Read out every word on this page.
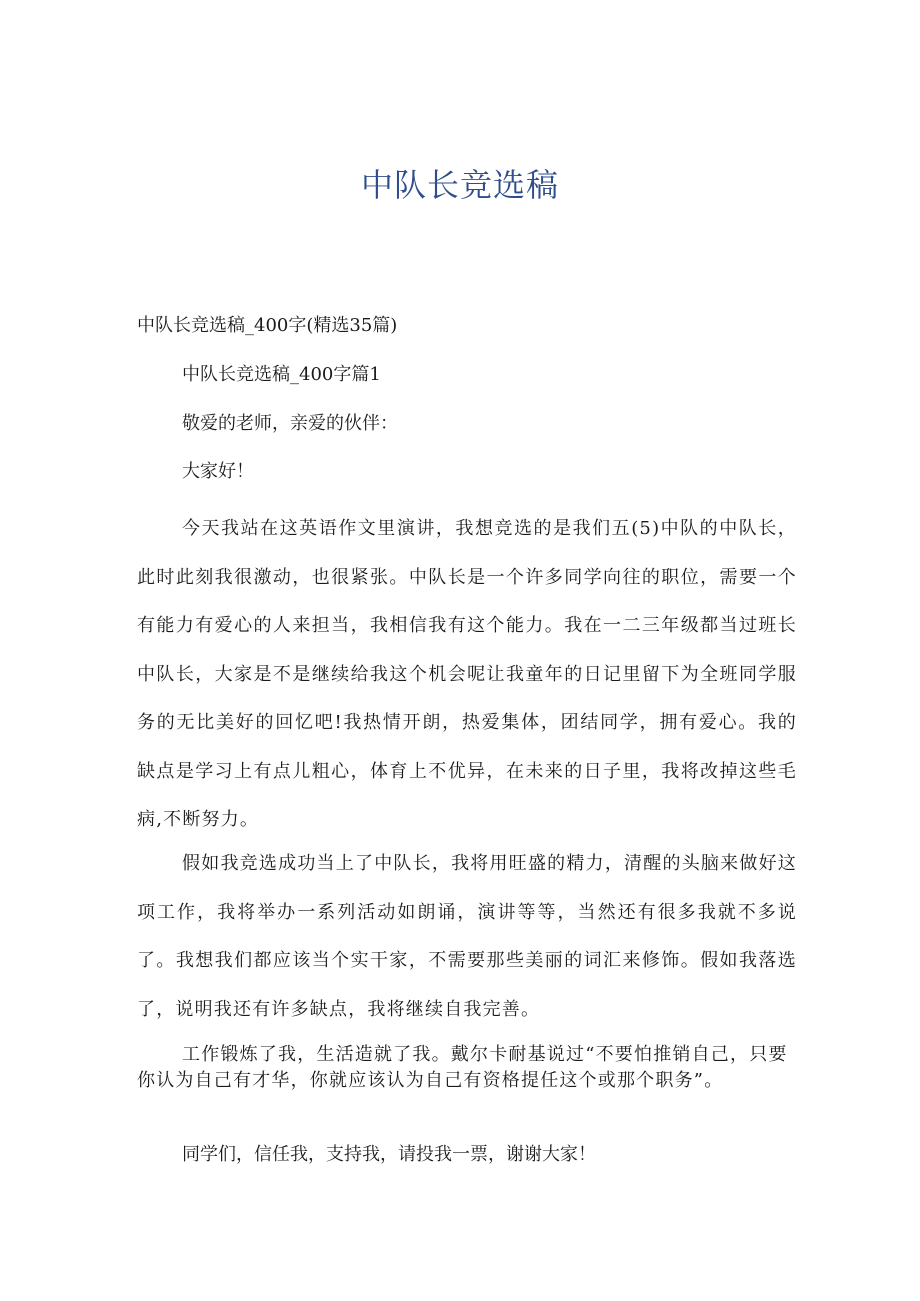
中队长竞选稿

中队长竞选稿_400字(精选35篇)

中队长竞选稿_400字篇1

敬爱的老师，亲爱的伙伴：

大家好！

今天我站在这英语作文里演讲，我想竞选的是我们五(5)中队的中队长，此时此刻我很激动，也很紧张。中队长是一个许多同学向往的职位，需要一个有能力有爱心的人来担当，我相信我有这个能力。我在一二三年级都当过班长中队长，大家是不是继续给我这个机会呢让我童年的日记里留下为全班同学服务的无比美好的回忆吧!我热情开朗，热爱集体，团结同学，拥有爱心。我的缺点是学习上有点儿粗心，体育上不优异，在未来的日子里，我将改掉这些毛病,不断努力。

假如我竞选成功当上了中队长，我将用旺盛的精力，清醒的头脑来做好这项工作，我将举办一系列活动如朗诵，演讲等等，当然还有很多我就不多说了。我想我们都应该当个实干家，不需要那些美丽的词汇来修饰。假如我落选了，说明我还有许多缺点，我将继续自我完善。

工作锻炼了我，生活造就了我。戴尔卡耐基说过“不要怕推销自己，只要你认为自己有才华，你就应该认为自己有资格提任这个或那个职务”。

同学们，信任我，支持我，请投我一票，谢谢大家！
